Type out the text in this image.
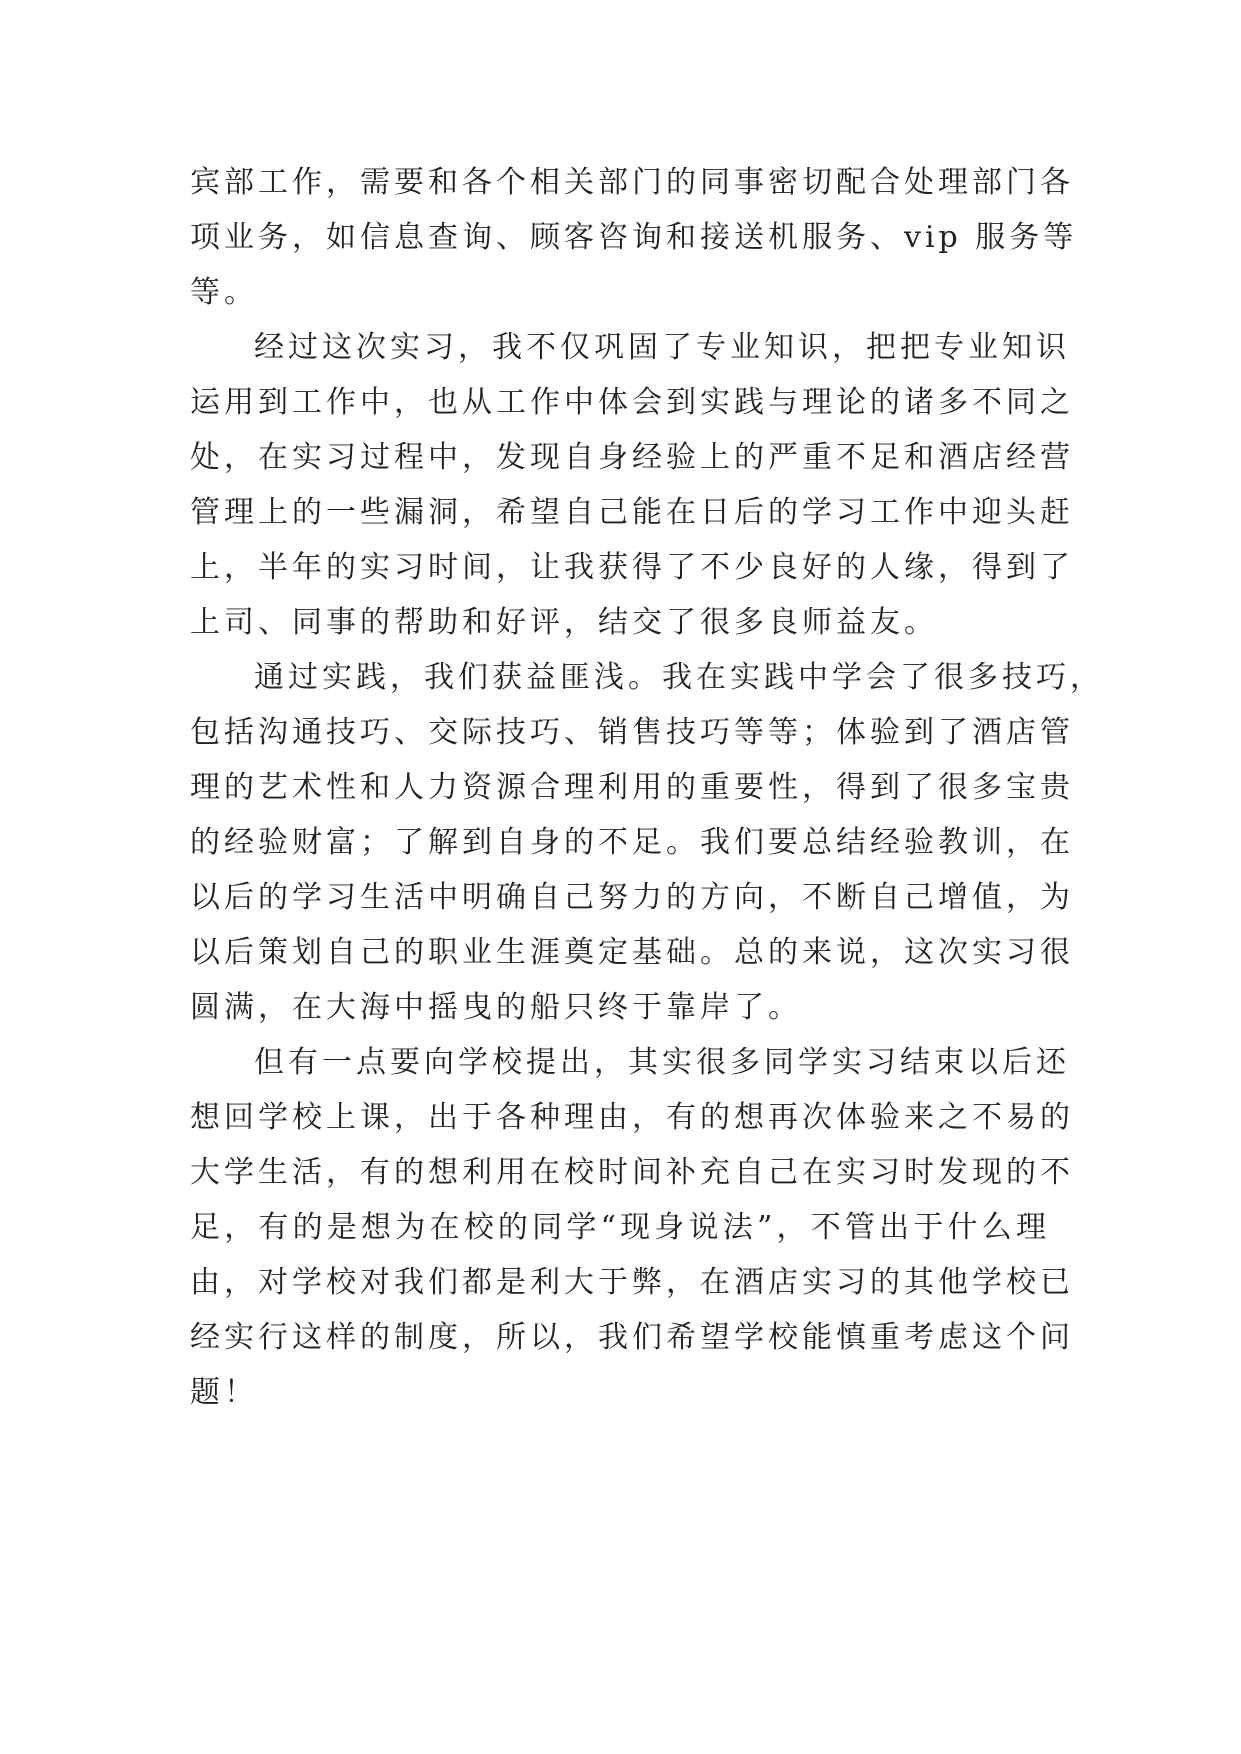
宾部工作，需要和各个相关部门的同事密切配合处理部门各
项业务，如信息查询、顾客咨询和接送机服务、vip 服务等
等。
经过这次实习，我不仅巩固了专业知识，把把专业知识
运用到工作中，也从工作中体会到实践与理论的诸多不同之
处，在实习过程中，发现自身经验上的严重不足和酒店经营
管理上的一些漏洞，希望自己能在日后的学习工作中迎头赶
上，半年的实习时间，让我获得了不少良好的人缘，得到了
上司、同事的帮助和好评，结交了很多良师益友。
通过实践，我们获益匪浅。我在实践中学会了很多技巧，
包括沟通技巧、交际技巧、销售技巧等等；体验到了酒店管
理的艺术性和人力资源合理利用的重要性，得到了很多宝贵
的经验财富；了解到自身的不足。我们要总结经验教训，在
以后的学习生活中明确自己努力的方向，不断自己增值，为
以后策划自己的职业生涯奠定基础。总的来说，这次实习很
圆满，在大海中摇曳的船只终于靠岸了。
但有一点要向学校提出，其实很多同学实习结束以后还
想回学校上课，出于各种理由，有的想再次体验来之不易的
大学生活，有的想利用在校时间补充自己在实习时发现的不
足，有的是想为在校的同学“现身说法”，不管出于什么理
由，对学校对我们都是利大于弊，在酒店实习的其他学校已
经实行这样的制度，所以，我们希望学校能慎重考虑这个问
题！
